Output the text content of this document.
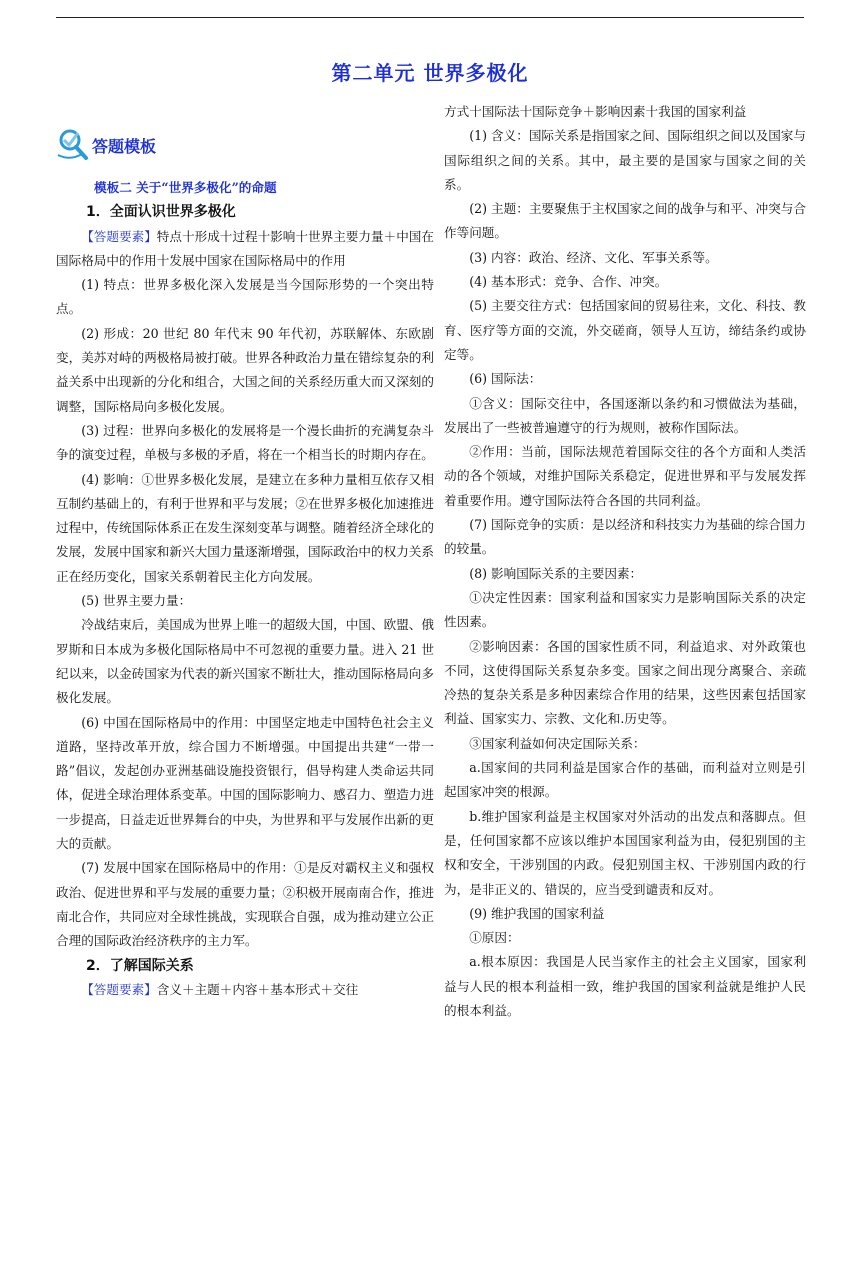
第二单元 世界多极化
答题模板

模板二 关于“世界多极化”的命题

1．全面认识世界多极化

【答题要素】特点十形成十过程十影响十世界主要力量＋中国在国际格局中的作用十发展中国家在国际格局中的作用

(1) 特点：世界多极化深入发展是当今国际形势的一个突出特点。

(2) 形成：20 世纪 80 年代末 90 年代初，苏联解体、东欧剧变，美苏对峙的两极格局被打破。世界各种政治力量在错综复杂的利益关系中出现新的分化和组合，大国之间的关系经历重大而又深刻的调整，国际格局向多极化发展。

(3) 过程：世界向多极化的发展将是一个漫长曲折的充满复杂斗争的演变过程，单极与多极的矛盾，将在一个相当长的时期内存在。

(4) 影响：①世界多极化发展，是建立在多种力量相互依存又相互制约基础上的，有利于世界和平与发展；②在世界多极化加速推进过程中，传统国际体系正在发生深刻变革与调整。随着经济全球化的发展，发展中国家和新兴大国力量逐渐增强，国际政治中的权力关系正在经历变化，国家关系朝着民主化方向发展。

(5) 世界主要力量：

冷战结束后，美国成为世界上唯一的超级大国，中国、欧盟、俄罗斯和日本成为多极化国际格局中不可忽视的重要力量。进入 21 世纪以来，以金砖国家为代表的新兴国家不断壮大，推动国际格局向多极化发展。

(6) 中国在国际格局中的作用：中国坚定地走中国特色社会主义道路，坚持改革开放，综合国力不断增强。中国提出共建“一带一路”倡议，发起创办亚洲基础设施投资银行，倡导构建人类命运共同体，促进全球治理体系变革。中国的国际影响力、感召力、塑造力进一步提高，日益走近世界舞台的中央，为世界和平与发展作出新的更大的贡献。

(7) 发展中国家在国际格局中的作用：①是反对霸权主义和强权政治、促进世界和平与发展的重要力量；②积极开展南南合作，推进南北合作，共同应对全球性挑战，实现联合自强，成为推动建立公正合理的国际政治经济秩序的主力军。

2．了解国际关系

【答题要素】含义＋主题＋内容＋基本形式＋交往

方式十国际法十国际竞争＋影响因素十我国的国家利益

(1) 含义：国际关系是指国家之间、国际组织之间以及国家与国际组织之间的关系。其中，最主要的是国家与国家之间的关系。

(2) 主题：主要聚焦于主权国家之间的战争与和平、冲突与合作等问题。

(3) 内容：政治、经济、文化、军事关系等。

(4) 基本形式：竞争、合作、冲突。

(5) 主要交往方式：包括国家间的贸易往来，文化、科技、教育、医疗等方面的交流，外交磋商，领导人互访，缔结条约或协定等。

(6) 国际法：

①含义：国际交往中，各国逐渐以条约和习惯做法为基础，发展出了一些被普遍遵守的行为规则，被称作国际法。

②作用：当前，国际法规范着国际交往的各个方面和人类活动的各个领域，对维护国际关系稳定，促进世界和平与发展发挥着重要作用。遵守国际法符合各国的共同利益。

(7) 国际竞争的实质：是以经济和科技实力为基础的综合国力的较量。

(8) 影响国际关系的主要因素：

①决定性因素：国家利益和国家实力是影响国际关系的决定性因素。

②影响因素：各国的国家性质不同，利益追求、对外政策也不同，这使得国际关系复杂多变。国家之间出现分离聚合、亲疏冷热的复杂关系是多种因素综合作用的结果，这些因素包括国家利益、国家实力、宗教、文化和.历史等。

③国家利益如何决定国际关系：

a.国家间的共同利益是国家合作的基础，而利益对立则是引起国家冲突的根源。

b.维护国家利益是主权国家对外活动的出发点和落脚点。但是，任何国家都不应该以维护本国国家利益为由，侵犯别国的主权和安全，干涉别国的内政。侵犯别国主权、干涉别国内政的行为，是非正义的、错误的，应当受到谴责和反对。

(9) 维护我国的国家利益

①原因：

a.根本原因：我国是人民当家作主的社会主义国家，国家利益与人民的根本利益相一致，维护我国的国家利益就是维护人民的根本利益。
